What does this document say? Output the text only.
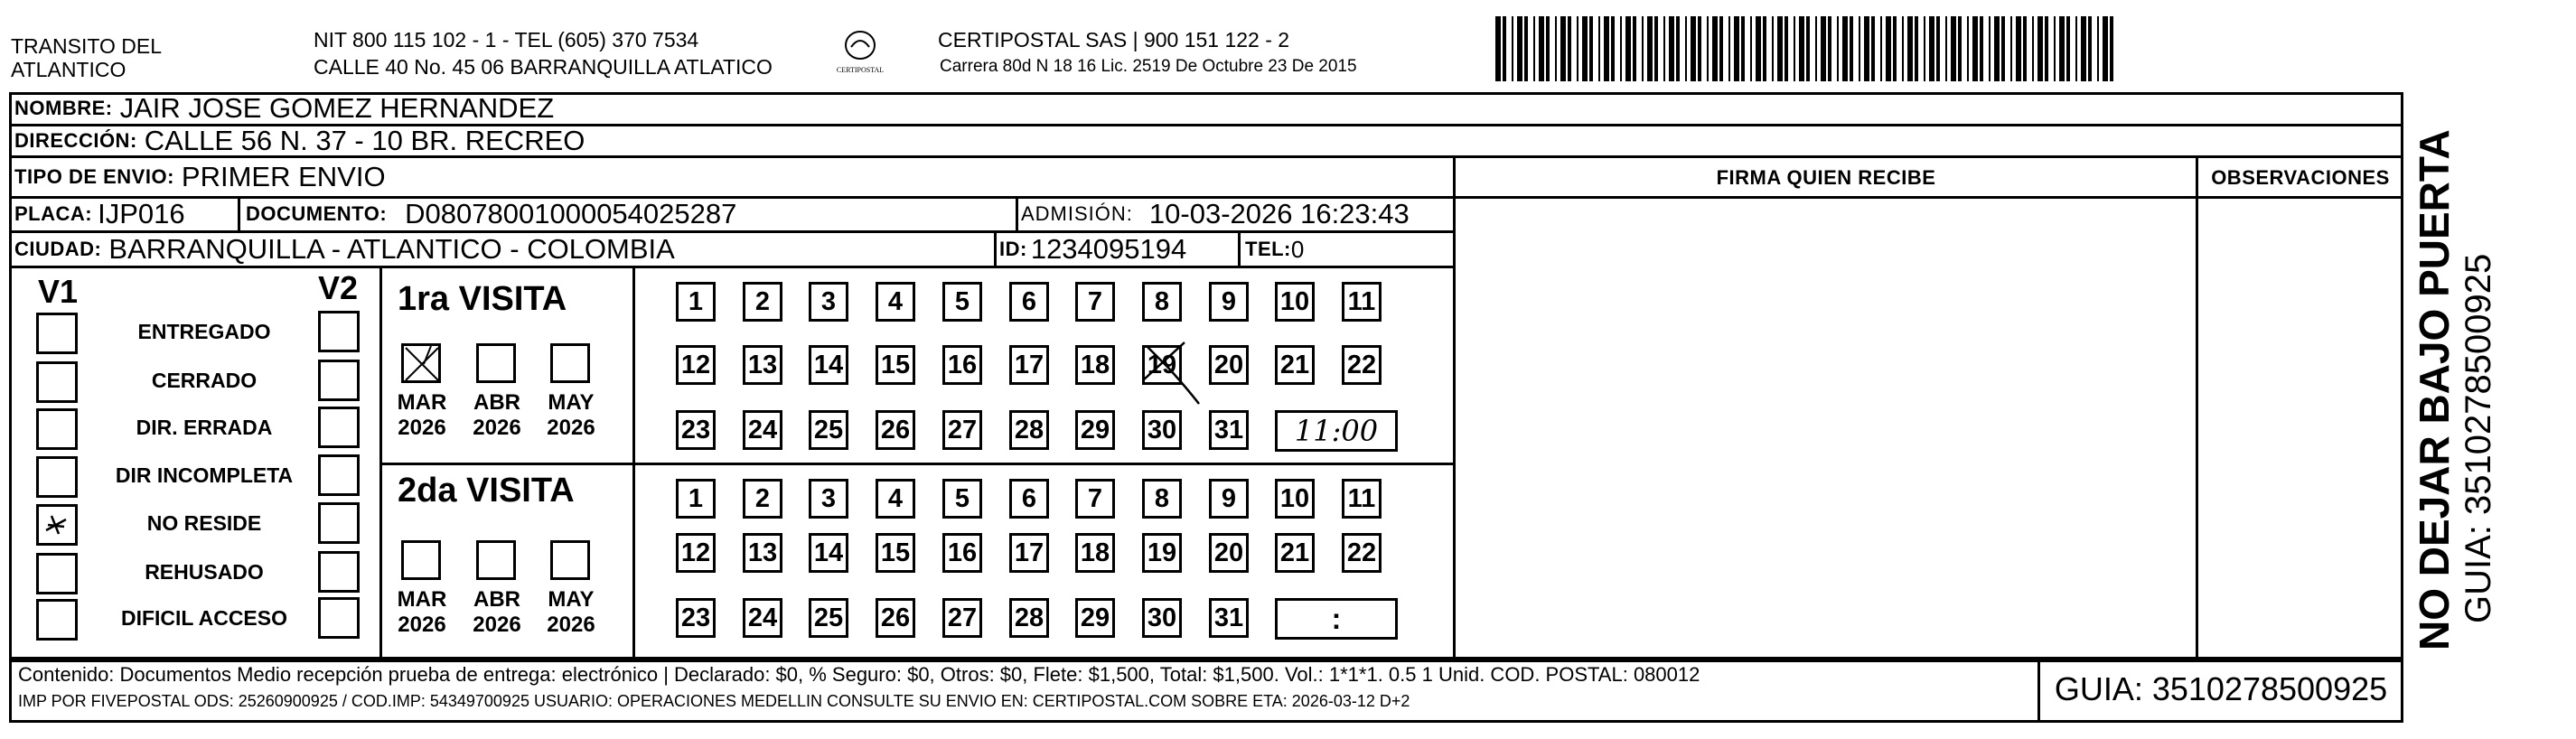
TRANSITO DEL
ATLANTICO
NIT 800 115 102 - 1 - TEL (605) 370 7534
CALLE 40 No. 45 06 BARRANQUILLA ATLATICO	CERTIPOSTAL
CERTIPOSTAL SAS | 900 151 122 - 2
Carrera 80d N 18 16 Lic. 2519 De Octubre 23 De 2015
NOMBRE: JAIR JOSE GOMEZ HERNANDEZ
DIRECCIÓN: CALLE 56 N. 37 - 10 BR. RECREO
TIPO DE ENVIO: PRIMER ENVIO
PLACA: IJP016	DOCUMENTO: D08078001000054025287	ADMISIÓN: 10-03-2026 16:23:43
CIUDAD: BARRANQUILLA - ATLANTICO - COLOMBIA	ID: 1234095194	TEL: 0
FIRMA QUIEN RECIBE	OBSERVACIONES NO DEJAR BAJO PUERTA GUIA: 3510278500925
V1	V2
ENTREGADO
CERRADO
DIR. ERRADA
DIR INCOMPLETA
NO RESIDE
REHUSADO
DIFICIL ACCESO
1ra VISITA
2da VISITA
MAR
2026
ABR
2026
MAY
2026
MAR
2026
ABR
2026
MAY
2026
1 2 3 4 5 6 7 8 9 10 11
12 13 14 15 16 17 18 19 20 21 22
23 24 25 26 27 28 29 30 31 11:00
1 2 3 4 5 6 7 8 9 10 11
12 13 14 15 16 17 18 19 20 21 22
23 24 25 26 27 28 29 30 31	:
Contenido: Documentos Medio recepción prueba de entrega: electrónico | Declarado: $0, % Seguro: $0, Otros: $0, Flete: $1,500, Total: $1,500. Vol.: 1*1*1. 0.5 1 Unid. COD. POSTAL: 080012
IMP POR FIVEPOSTAL ODS: 25260900925 / COD.IMP: 54349700925 USUARIO: OPERACIONES MEDELLIN CONSULTE SU ENVIO EN: CERTIPOSTAL.COM SOBRE ETA: 2026-03-12 D+2	GUIA: 3510278500925
